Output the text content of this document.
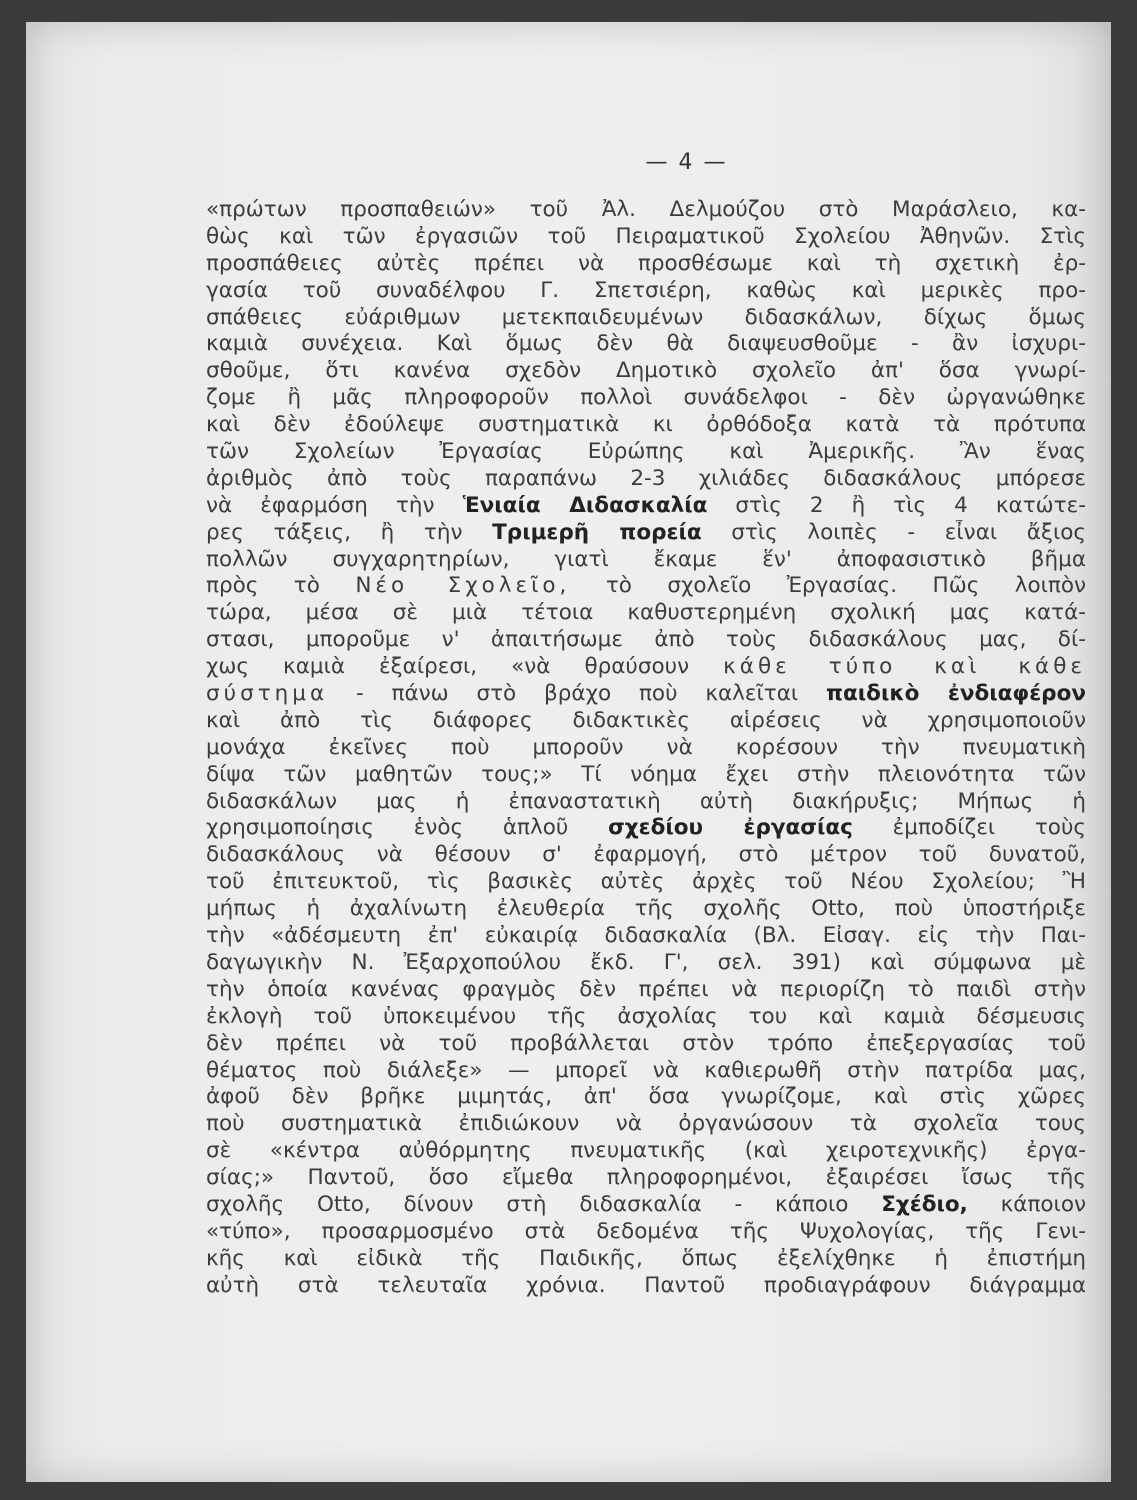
— 4 —
«πρώτων προσπαθειών» τοῦ Ἀλ. Δελμούζου στὸ Μαράσλειο, κα-
θὼς καὶ τῶν ἐργασιῶν τοῦ Πειραματικοῦ Σχολείου Ἀθηνῶν. Στὶς
προσπάθειες αὐτὲς πρέπει νὰ προσθέσωμε καὶ τὴ σχετικὴ ἐρ-
γασία τοῦ συναδέλφου Γ. Σπετσιέρη, καθὼς καὶ μερικὲς προ-
σπάθειες εὐάριθμων μετεκπαιδευμένων διδασκάλων, δίχως ὅμως
καμιὰ συνέχεια. Καὶ ὅμως δὲν θὰ διαψευσθοῦμε - ἂν ἰσχυρι-
σθοῦμε, ὅτι κανένα σχεδὸν Δημοτικὸ σχολεῖο ἀπ' ὅσα γνωρί-
ζομε ἢ μᾶς πληροφοροῦν πολλοὶ συνάδελφοι - δὲν ὠργανώθηκε
καὶ δὲν ἐδούλεψε συστηματικὰ κι ὀρθόδοξα κατὰ τὰ πρότυπα
τῶν Σχολείων Ἐργασίας Εὐρώπης καὶ Ἀμερικῆς. Ἂν ἕνας
ἀριθμὸς ἀπὸ τοὺς παραπάνω 2-3 χιλιάδες διδασκάλους μπόρεσε
νὰ ἐφαρμόση τὴν Ἑνιαία Διδασκαλία στὶς 2 ἢ τὶς 4 κατώτε-
ρες τάξεις, ἢ τὴν Τριμερῆ πορεία στὶς λοιπὲς - εἶναι ἄξιος
πολλῶν συγχαρητηρίων, γιατὶ ἔκαμε ἕν' ἀποφασιστικὸ βῆμα
πρὸς τὸ Νέο Σχολεῖο, τὸ σχολεῖο Ἐργασίας. Πῶς λοιπὸν
τώρα, μέσα σὲ μιὰ τέτοια καθυστερημένη σχολική μας κατά-
στασι, μποροῦμε ν' ἀπαιτήσωμε ἀπὸ τοὺς διδασκάλους μας, δί-
χως καμιὰ ἐξαίρεσι, «νὰ θραύσουν κάθε τύπο καὶ κάθε
σύστημα - πάνω στὸ βράχο ποὺ καλεῖται παιδικὸ ἐνδιαφέρον
καὶ ἀπὸ τὶς διάφορες διδακτικὲς αἱρέσεις νὰ χρησιμοποιοῦν
μονάχα ἐκεῖνες ποὺ μποροῦν νὰ κορέσουν τὴν πνευματικὴ
δίψα τῶν μαθητῶν τους;» Τί νόημα ἔχει στὴν πλειονότητα τῶν
διδασκάλων μας ἡ ἐπαναστατικὴ αὐτὴ διακήρυξις; Μήπως ἡ
χρησιμοποίησις ἑνὸς ἁπλοῦ σχεδίου ἐργασίας ἐμποδίζει τοὺς
διδασκάλους νὰ θέσουν σ' ἐφαρμογή, στὸ μέτρον τοῦ δυνατοῦ,
τοῦ ἐπιτευκτοῦ, τὶς βασικὲς αὐτὲς ἀρχὲς τοῦ Νέου Σχολείου; Ἢ
μήπως ἡ ἀχαλίνωτη ἐλευθερία τῆς σχολῆς Otto, ποὺ ὑποστήριξε
τὴν «ἀδέσμευτη ἐπ' εὐκαιρίᾳ διδασκαλία (Βλ. Εἰσαγ. εἰς τὴν Παι-
δαγωγικὴν Ν. Ἐξαρχοπούλου ἔκδ. Γ', σελ. 391) καὶ σύμφωνα μὲ
τὴν ὁποία κανένας φραγμὸς δὲν πρέπει νὰ περιορίζη τὸ παιδὶ στὴν
ἐκλογὴ τοῦ ὑποκειμένου τῆς ἀσχολίας του καὶ καμιὰ δέσμευσις
δὲν πρέπει νὰ τοῦ προβάλλεται στὸν τρόπο ἐπεξεργασίας τοῦ
θέματος ποὺ διάλεξε» — μπορεῖ νὰ καθιερωθῆ στὴν πατρίδα μας,
ἀφοῦ δὲν βρῆκε μιμητάς, ἀπ' ὅσα γνωρίζομε, καὶ στὶς χῶρες
ποὺ συστηματικὰ ἐπιδιώκουν νὰ ὀργανώσουν τὰ σχολεῖα τους
σὲ «κέντρα αὐθόρμητης πνευματικῆς (καὶ χειροτεχνικῆς) ἐργα-
σίας;» Παντοῦ, ὅσο εἴμεθα πληροφορημένοι, ἐξαιρέσει ἴσως τῆς
σχολῆς Otto, δίνουν στὴ διδασκαλία - κάποιο Σχέδιο, κάποιον
«τύπο», προσαρμοσμένο στὰ δεδομένα τῆς Ψυχολογίας, τῆς Γενι-
κῆς καὶ εἰδικὰ τῆς Παιδικῆς, ὅπως ἐξελίχθηκε ἡ ἐπιστήμη
αὐτὴ στὰ τελευταῖα χρόνια. Παντοῦ προδιαγράφουν διάγραμμα
